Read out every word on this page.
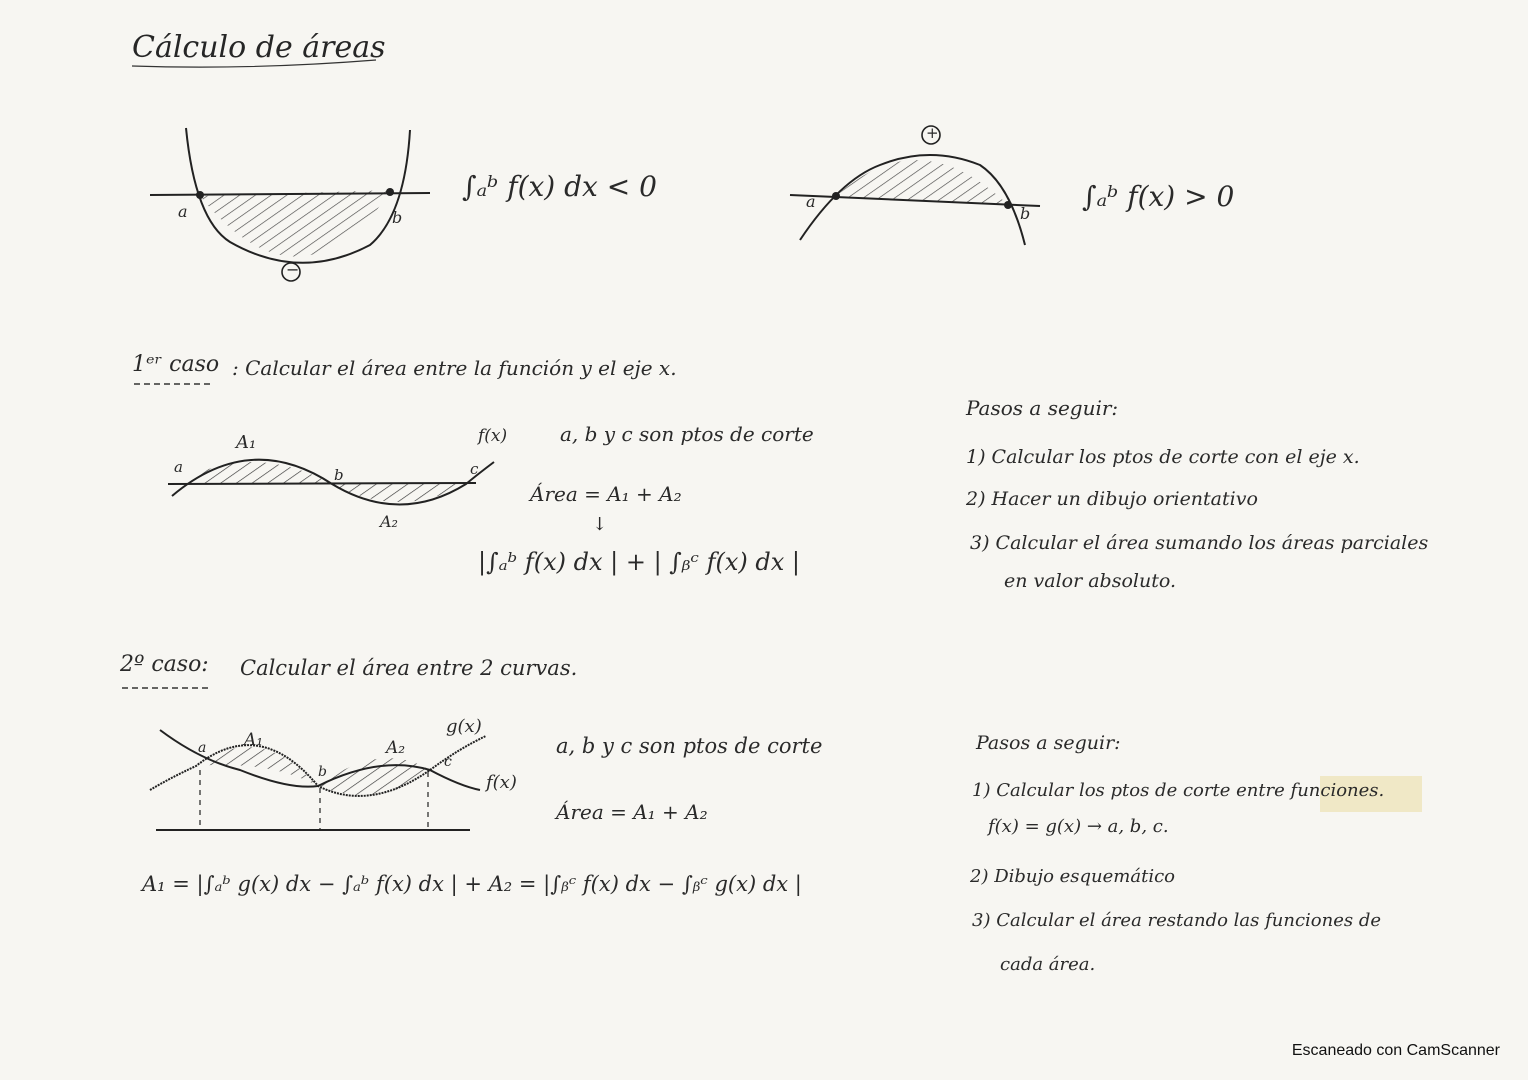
Cálculo de áreas
a	b
−
∫ₐᵇ f(x) dx < 0	a
b
+
∫ₐᵇ f(x) > 0
1ᵉʳ caso : Calcular el área entre la función y el eje x.
A₁
A₂
a	b	c
f(x)	a, b y c son ptos de corte
Área = A₁ + A₂
↓
|∫ₐᵇ f(x) dx | + | ∫ᵦᶜ f(x) dx |
Pasos a seguir:
1) Calcular los ptos de corte con el eje x.
2) Hacer un dibujo orientativo
3) Calcular el área sumando los áreas parciales
en valor absoluto.
2º caso: Calcular el área entre 2 curvas.
A₁	A₂
a
b
c
g(x)
f(x)
a, b y c son ptos de corte
Área = A₁ + A₂
A₁ = |∫ₐᵇ g(x) dx − ∫ₐᵇ f(x) dx | + A₂ = |∫ᵦᶜ f(x) dx − ∫ᵦᶜ g(x) dx |
Pasos a seguir:
1) Calcular los ptos de corte entre funciones.
f(x) = g(x) → a, b, c.
2) Dibujo esquemático
3) Calcular el área restando las funciones de
cada área.
Escaneado con CamScanner
